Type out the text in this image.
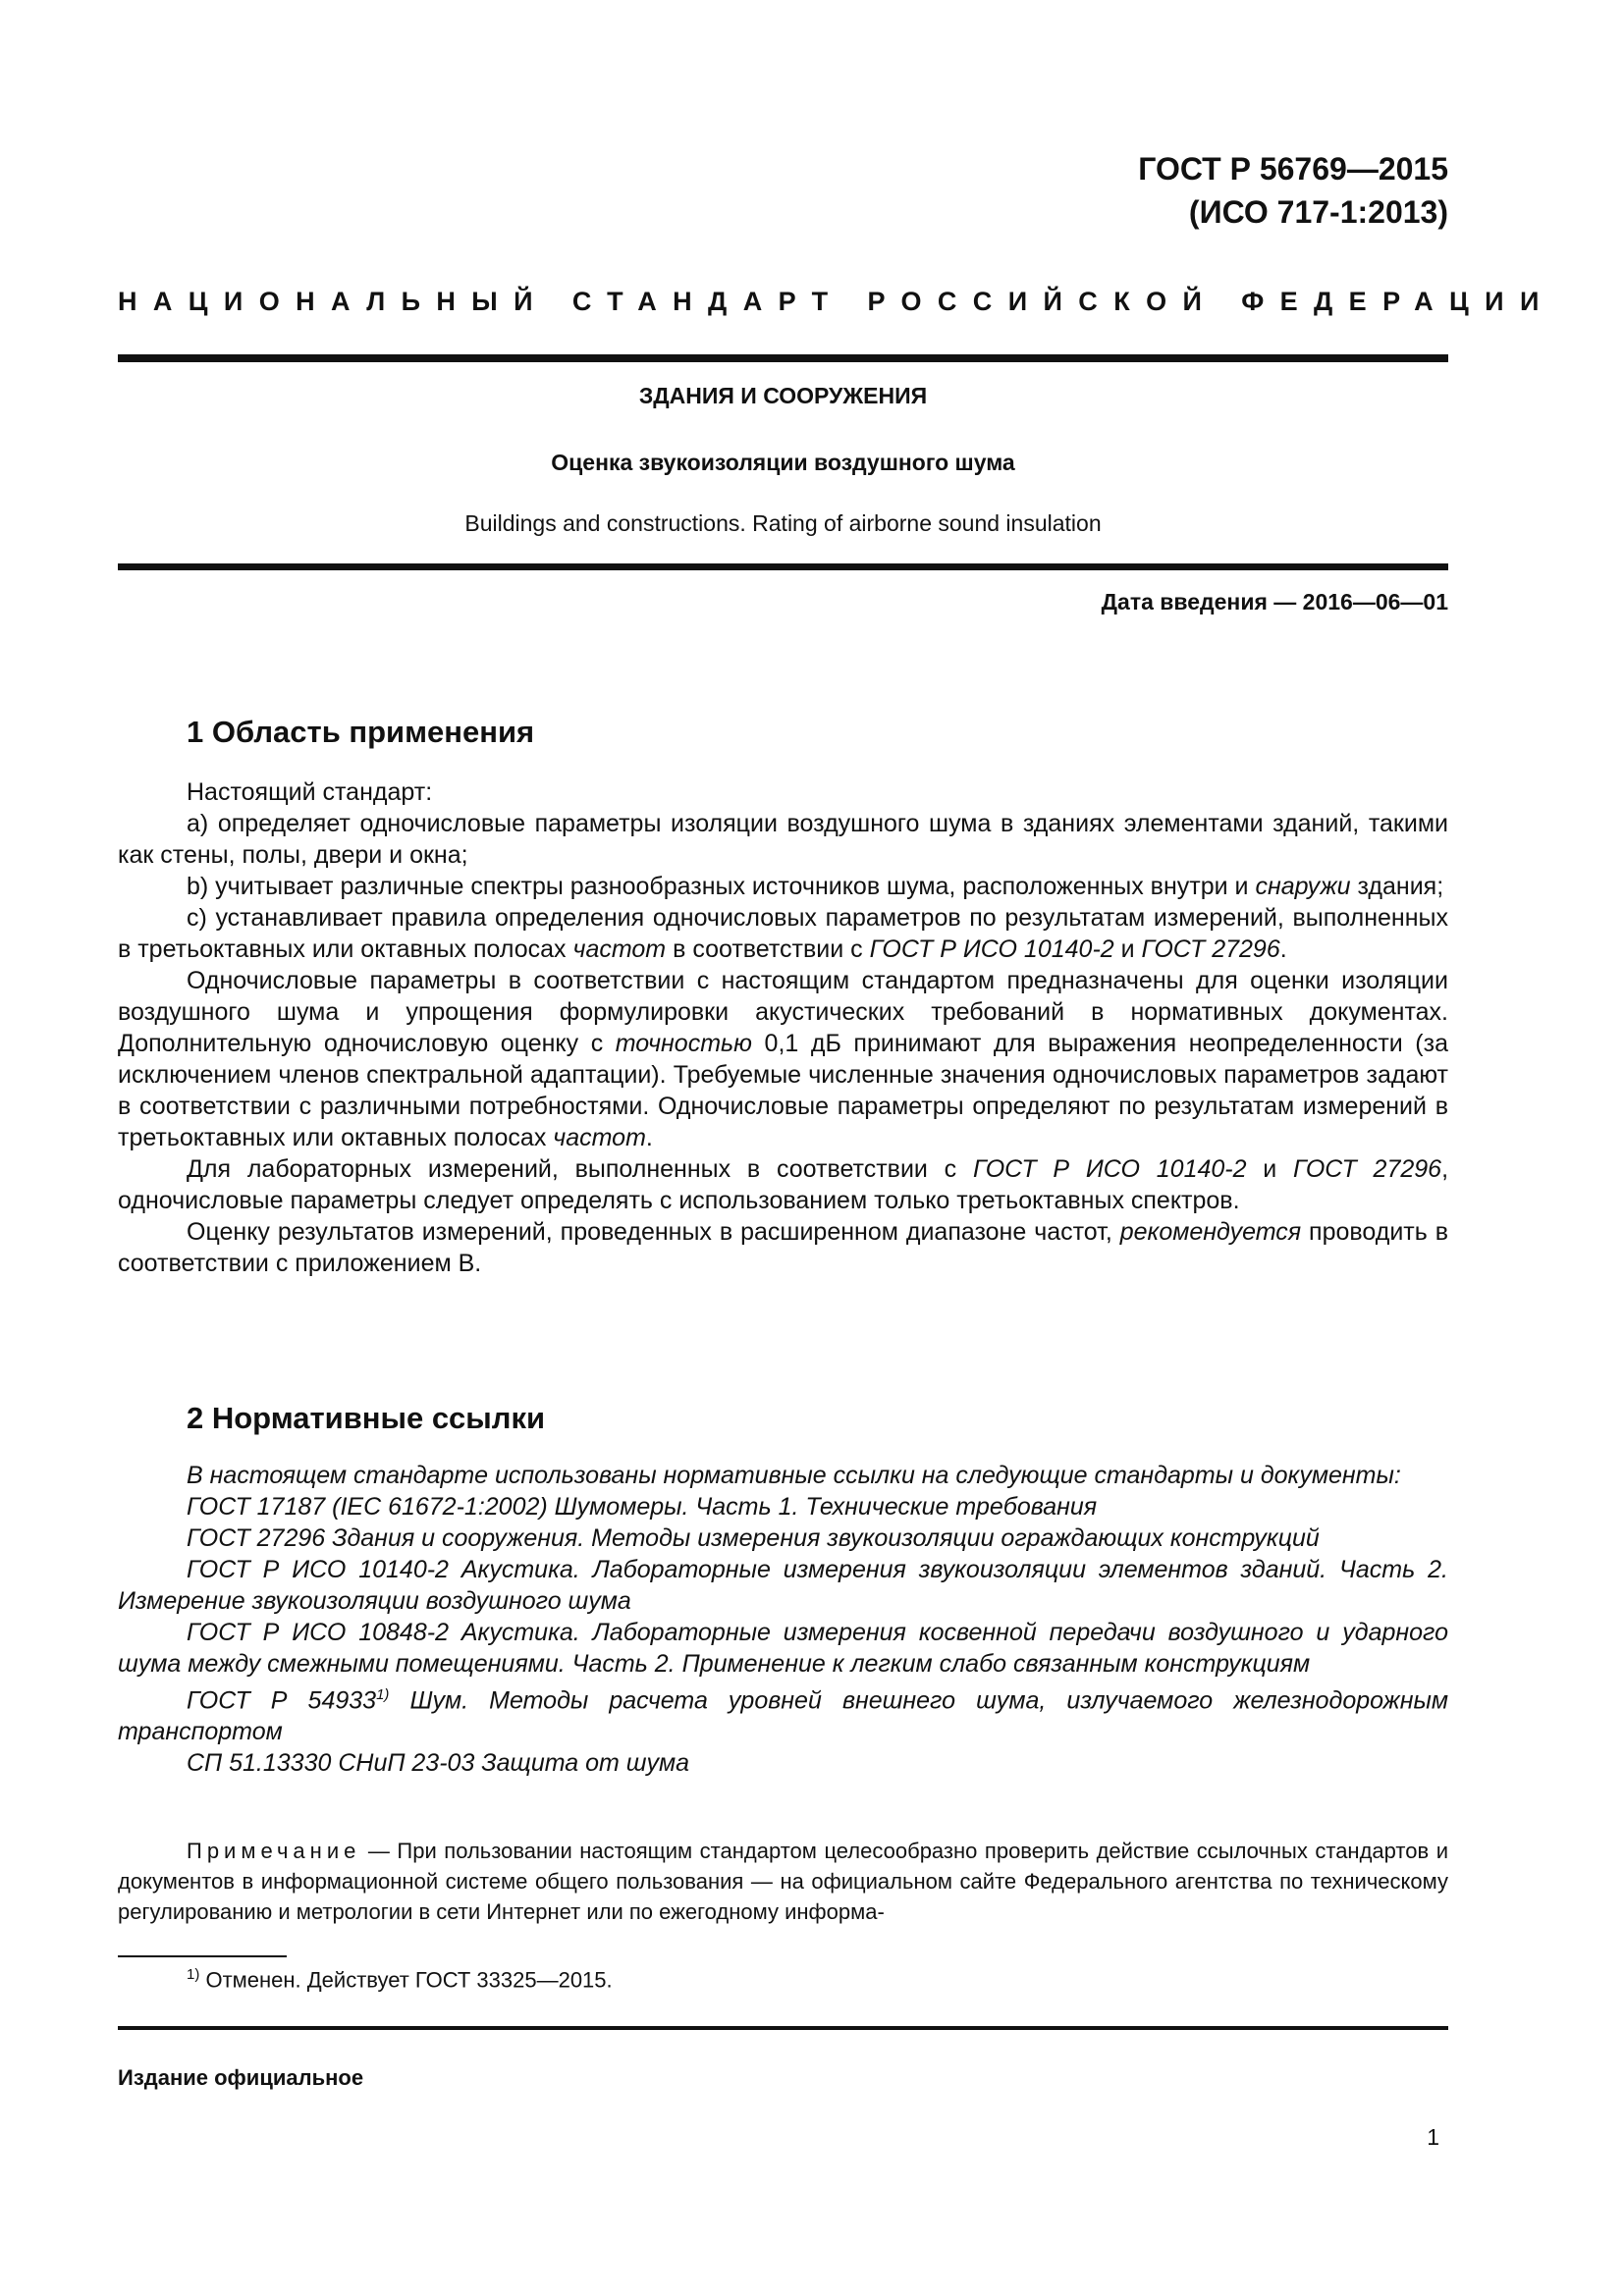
ГОСТ Р 56769—2015
(ИСО 717-1:2013)
НАЦИОНАЛЬНЫЙ СТАНДАРТ РОССИЙСКОЙ ФЕДЕРАЦИИ
ЗДАНИЯ И СООРУЖЕНИЯ
Оценка звукоизоляции воздушного шума
Buildings and constructions. Rating of airborne sound insulation
Дата введения — 2016—06—01
1 Область применения

Настоящий стандарт:

а) определяет одночисловые параметры изоляции воздушного шума в зданиях элементами зданий, такими как стены, полы, двери и окна;

b) учитывает различные спектры разнообразных источников шума, расположенных внутри и снаружи здания;

с) устанавливает правила определения одночисловых параметров по результатам измерений, выполненных в третьоктавных или октавных полосах частот в соответствии с ГОСТ Р ИСО 10140-2 и ГОСТ 27296.

Одночисловые параметры в соответствии с настоящим стандартом предназначены для оценки изоляции воздушного шума и упрощения формулировки акустических требований в нормативных документах. Дополнительную одночисловую оценку с точностью 0,1 дБ принимают для выражения неопределенности (за исключением членов спектральной адаптации). Требуемые численные значения одночисловых параметров задают в соответствии с различными потребностями. Одночисловые параметры определяют по результатам измерений в третьоктавных или октавных полосах частот.

Для лабораторных измерений, выполненных в соответствии с ГОСТ Р ИСО 10140-2 и ГОСТ 27296, одночисловые параметры следует определять с использованием только третьоктавных спектров.

Оценку результатов измерений, проведенных в расширенном диапазоне частот, рекомендуется проводить в соответствии с приложением В.

2 Нормативные ссылки

В настоящем стандарте использованы нормативные ссылки на следующие стандарты и документы:

ГОСТ 17187 (IEC 61672-1:2002) Шумомеры. Часть 1. Технические требования

ГОСТ 27296 Здания и сооружения. Методы измерения звукоизоляции ограждающих конструкций

ГОСТ Р ИСО 10140-2 Акустика. Лабораторные измерения звукоизоляции элементов зданий. Часть 2. Измерение звукоизоляции воздушного шума

ГОСТ Р ИСО 10848-2 Акустика. Лабораторные измерения косвенной передачи воздушного и ударного шума между смежными помещениями. Часть 2. Применение к легким слабо связанным конструкциям

ГОСТ Р 54933$^{1)}$ Шум. Методы расчета уровней внешнего шума, излучаемого железнодорожным транспортом

СП 51.13330 СНиП 23-03 Защита от шума

Примечание — При пользовании настоящим стандартом целесообразно проверить действие ссылочных стандартов и документов в информационной системе общего пользования — на официальном сайте Федерального агентства по техническому регулированию и метрологии в сети Интернет или по ежегодному информа-

$^{1)}$ Отменен. Действует ГОСТ 33325—2015.
Издание официальное
1
